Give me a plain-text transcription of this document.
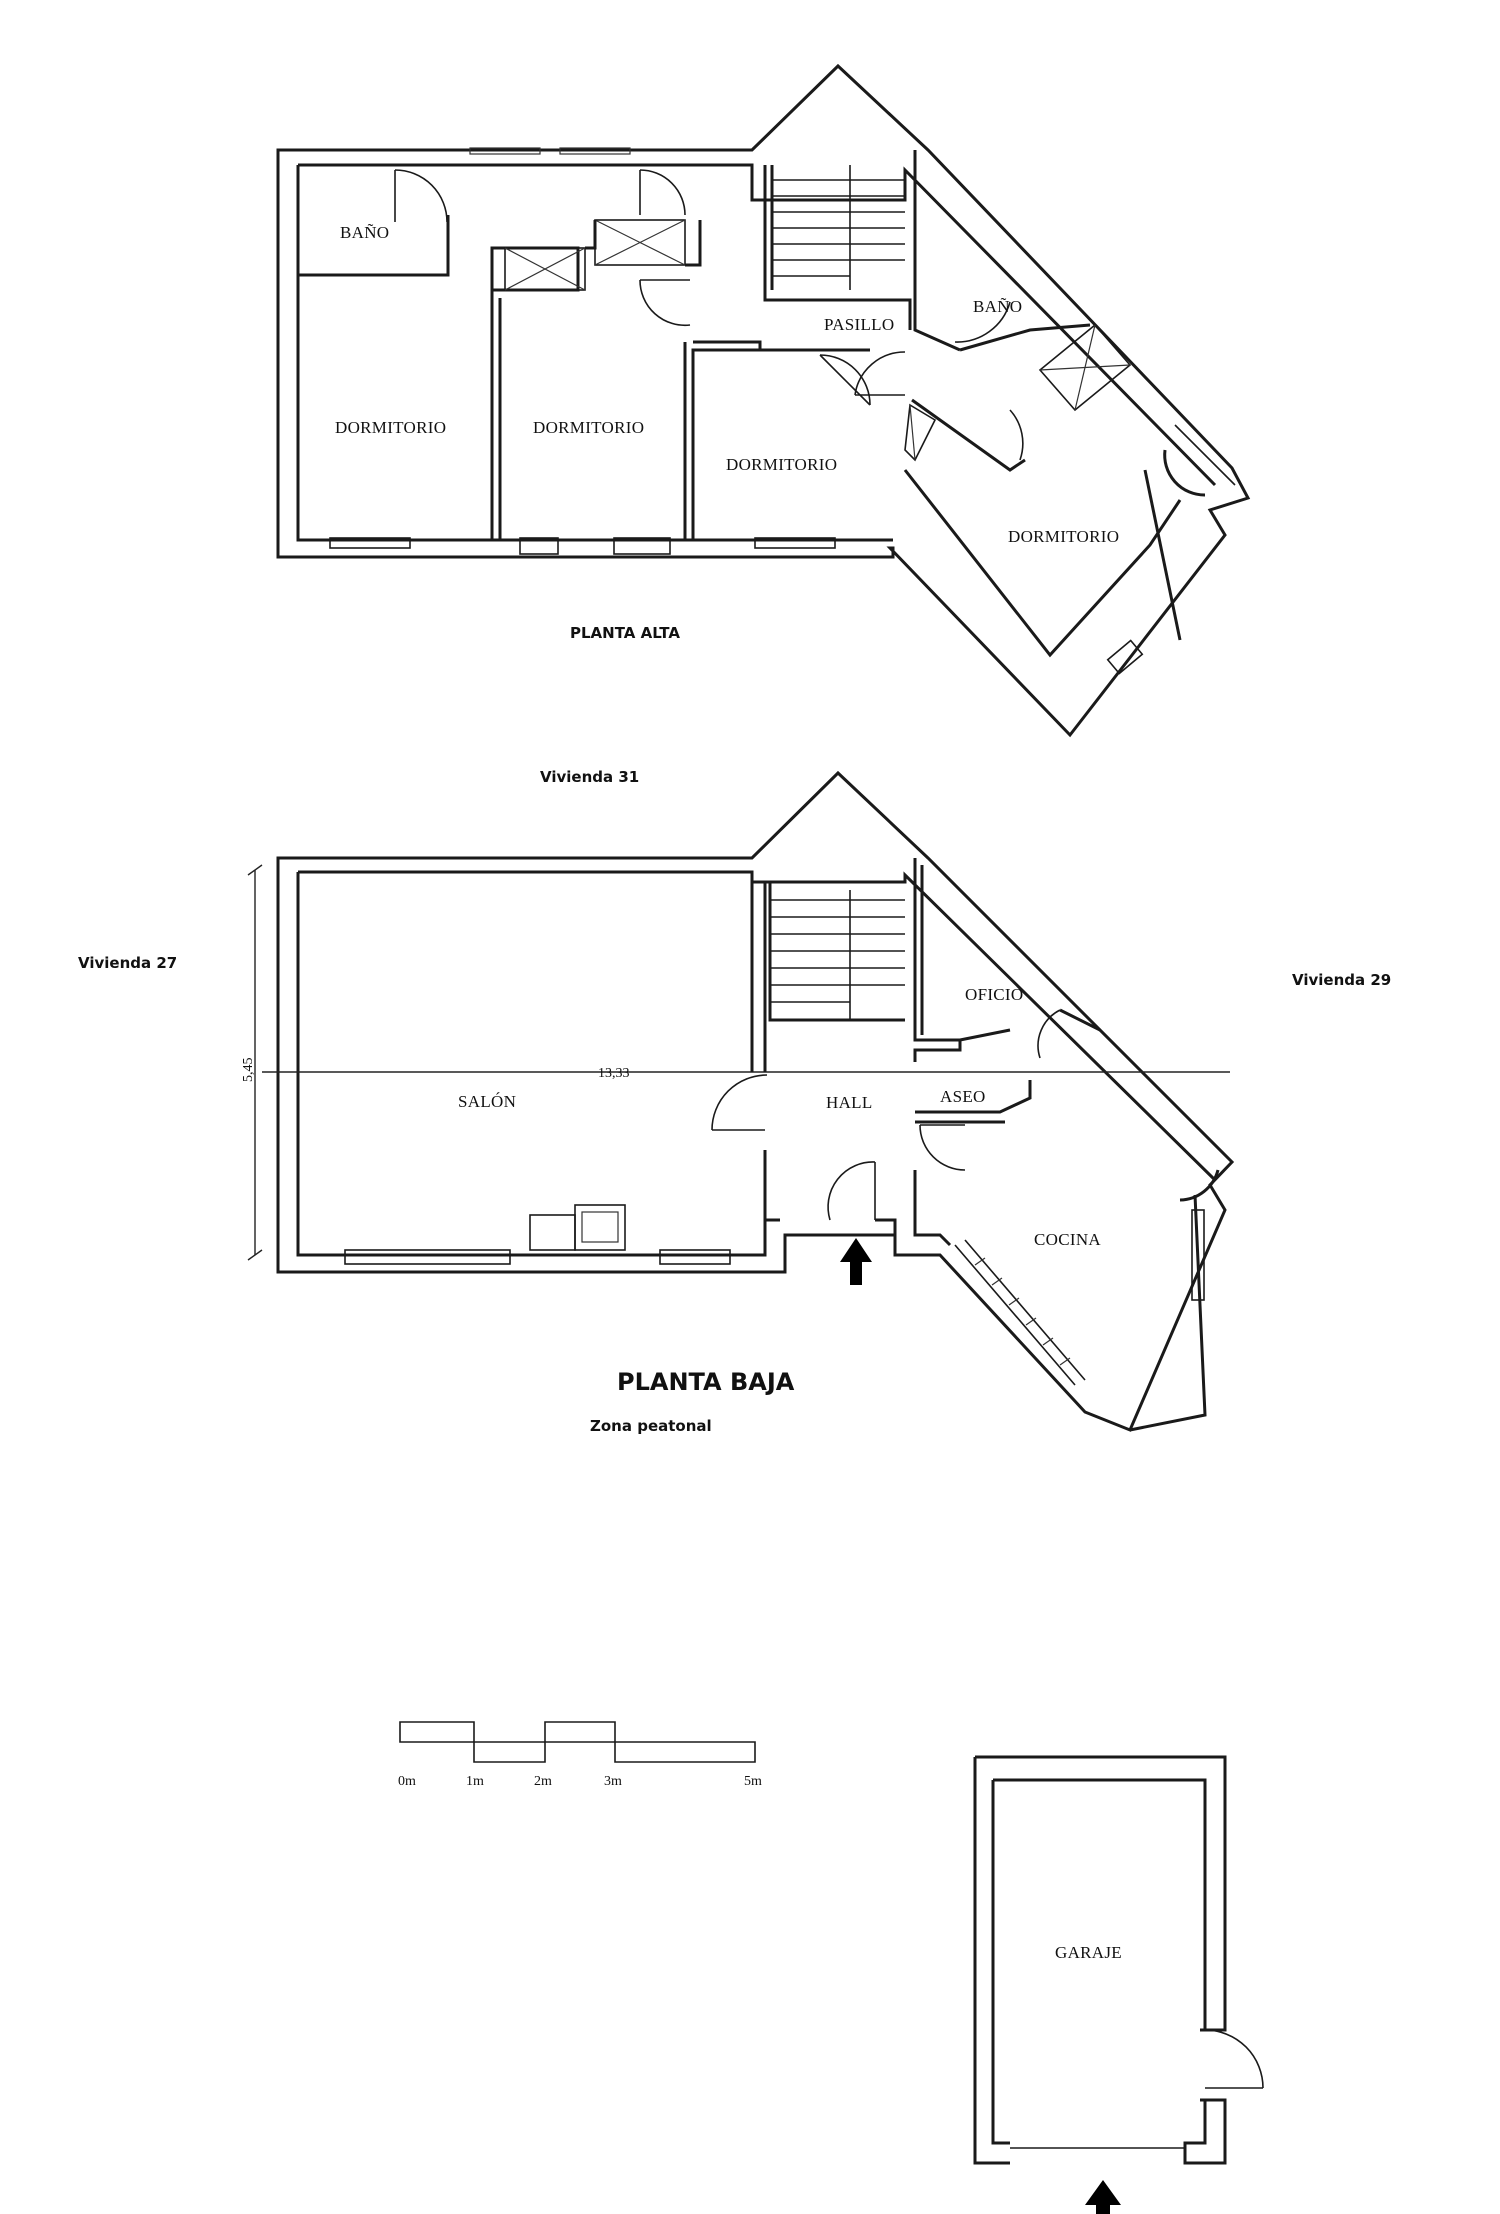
BAÑO
DORMITORIO	DORMITORIO
DORMITORIO
PASILLO
BAÑO
DORMITORIO
PLANTA ALTA
Vivienda 31
Vivienda 27
Vivienda 29
SALÓN	HALL
OFICIO
ASEO
COCINA
13,33
5,45
PLANTA BAJA
Zona peatonal
0m	1m	2m	3m	5m
GARAJE
